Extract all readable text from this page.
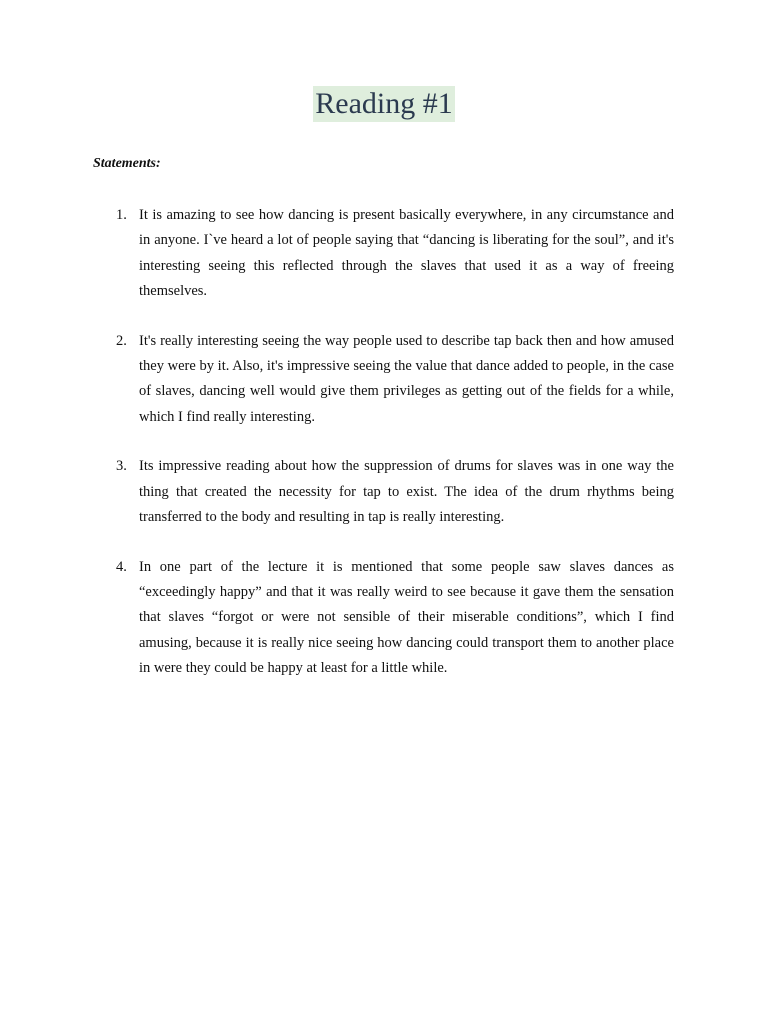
Reading #1
Statements:
1. It is amazing to see how dancing is present basically everywhere, in any circumstance and in anyone. I`ve heard a lot of people saying that “dancing is liberating for the soul”, and it's interesting seeing this reflected through the slaves that used it as a way of freeing themselves.
2. It's really interesting seeing the way people used to describe tap back then and how amused they were by it. Also, it's impressive seeing the value that dance added to people, in the case of slaves, dancing well would give them privileges as getting out of the fields for a while, which I find really interesting.
3. Its impressive reading about how the suppression of drums for slaves was in one way the thing that created the necessity for tap to exist. The idea of the drum rhythms being transferred to the body and resulting in tap is really interesting.
4. In one part of the lecture it is mentioned that some people saw slaves dances as “exceedingly happy” and that it was really weird to see because it gave them the sensation that slaves “forgot or were not sensible of their miserable conditions”, which I find amusing, because it is really nice seeing how dancing could transport them to another place in were they could be happy at least for a little while.
